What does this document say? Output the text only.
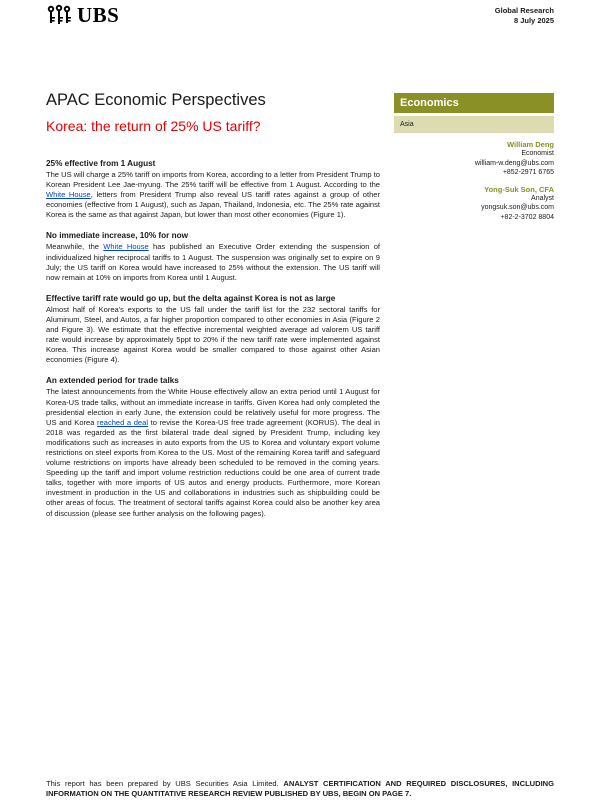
UBS	Global Research
8 July 2025
APAC Economic Perspectives
Korea: the return of 25% US tariff?
Economics
Asia
William Deng
Economist
william-w.deng@ubs.com
+852-2971 6765
Yong-Suk Son, CFA
Analyst
yongsuk.son@ubs.com
+82-2-3702 8804
25% effective from 1 August

The US will charge a 25% tariff on imports from Korea, according to a letter from President Trump to Korean President Lee Jae-myung. The 25% tariff will be effective from 1 August. According to the White House, letters from President Trump also reveal US tariff rates against a group of other economies (effective from 1 August), such as Japan, Thailand, Indonesia, etc. The 25% rate against Korea is the same as that against Japan, but lower than most other economies (Figure 1).

No immediate increase, 10% for now

Meanwhile, the White House has published an Executive Order extending the suspension of individualized higher reciprocal tariffs to 1 August. The suspension was originally set to expire on 9 July; the US tariff on Korea would have increased to 25% without the extension. The US tariff will now remain at 10% on imports from Korea until 1 August.

Effective tariff rate would go up, but the delta against Korea is not as large

Almost half of Korea's exports to the US fall under the tariff list for the 232 sectoral tariffs for Aluminum, Steel, and Autos, a far higher proportion compared to other economies in Asia (Figure 2 and Figure 3). We estimate that the effective incremental weighted average ad valorem US tariff rate would increase by approximately 5ppt to 20% if the new tariff rate were implemented against Korea. This increase against Korea would be smaller compared to those against other Asian economies (Figure 4).

An extended period for trade talks

The latest announcements from the White House effectively allow an extra period until 1 August for Korea-US trade talks, without an immediate increase in tariffs. Given Korea had only completed the presidential election in early June, the extension could be relatively useful for more progress. The US and Korea reached a deal to revise the Korea-US free trade agreement (KORUS). The deal in 2018 was regarded as the first bilateral trade deal signed by President Trump, including key modifications such as increases in auto exports from the US to Korea and voluntary export volume restrictions on steel exports from Korea to the US. Most of the remaining Korea tariff and safeguard volume restrictions on imports have already been scheduled to be removed in the coming years. Speeding up the tariff and import volume restriction reductions could be one area of current trade talks, together with more imports of US autos and energy products. Furthermore, more Korean investment in production in the US and collaborations in industries such as shipbuilding could be other areas of focus. The treatment of sectoral tariffs against Korea could also be another key area of discussion (please see further analysis on the following pages).

This report has been prepared by UBS Securities Asia Limited. ANALYST CERTIFICATION AND REQUIRED DISCLOSURES, INCLUDING INFORMATION ON THE QUANTITATIVE RESEARCH REVIEW PUBLISHED BY UBS, BEGIN ON PAGE 7.
